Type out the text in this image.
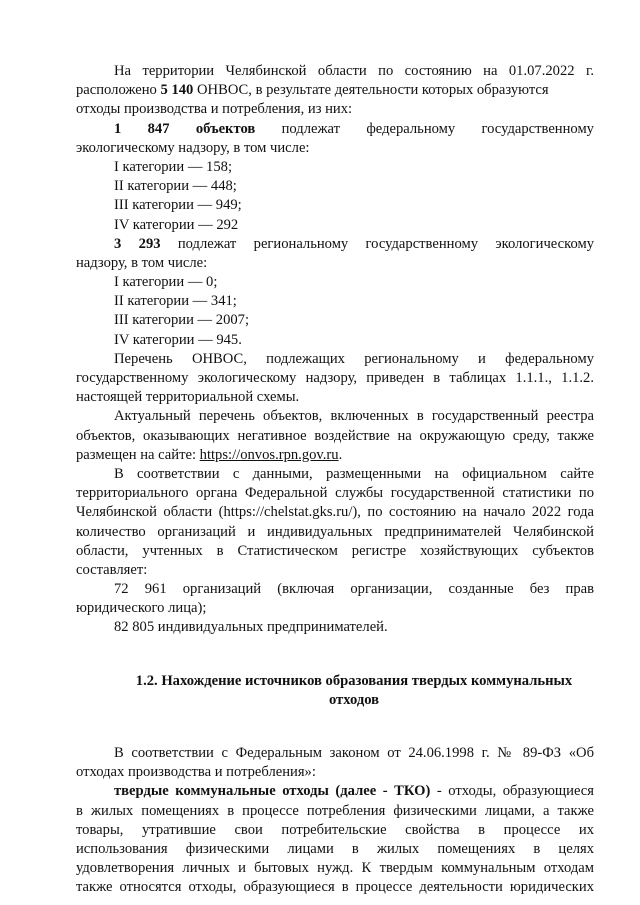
На территории Челябинской области по состоянию на 01.07.2022 г.
расположено 5 140 ОНВОС, в результате деятельности которых образуются
отходы производства и потребления, из них:
1 847 объектов подлежат федеральному государственному
экологическому надзору, в том числе:
I категории — 158;
II категории — 448;
III категории — 949;
IV категории — 292
3 293 подлежат региональному государственному экологическому
надзору, в том числе:
I категории — 0;
II категории — 341;
III категории — 2007;
IV категории — 945.
Перечень ОНВОС, подлежащих региональному и федеральному
государственному экологическому надзору, приведен в таблицах 1.1.1., 1.1.2.
настоящей территориальной схемы.
Актуальный перечень объектов, включенных в государственный реестра
объектов, оказывающих негативное воздействие на окружающую среду, также
размещен на сайте: https://onvos.rpn.gov.ru.
В соответствии с данными, размещенными на официальном сайте
территориального органа Федеральной службы государственной статистики по
Челябинской области (https://chelstat.gks.ru/), по состоянию на начало 2022 года
количество организаций и индивидуальных предпринимателей Челябинской
области, учтенных в Статистическом регистре хозяйствующих субъектов
составляет:
72 961 организаций (включая организации, созданные без прав
юридического лица);
82 805 индивидуальных предпринимателей.
1.2. Нахождение источников образования твердых коммунальных
отходов
В соответствии с Федеральным законом от 24.06.1998 г. № 89-ФЗ «Об
отходах производства и потребления»:
твердые коммунальные отходы (далее - ТКО) - отходы, образующиеся
в жилых помещениях в процессе потребления физическими лицами, а также
товары, утратившие свои потребительские свойства в процессе их
использования физическими лицами в жилых помещениях в целях
удовлетворения личных и бытовых нужд. К твердым коммунальным отходам
также относятся отходы, образующиеся в процессе деятельности юридических
